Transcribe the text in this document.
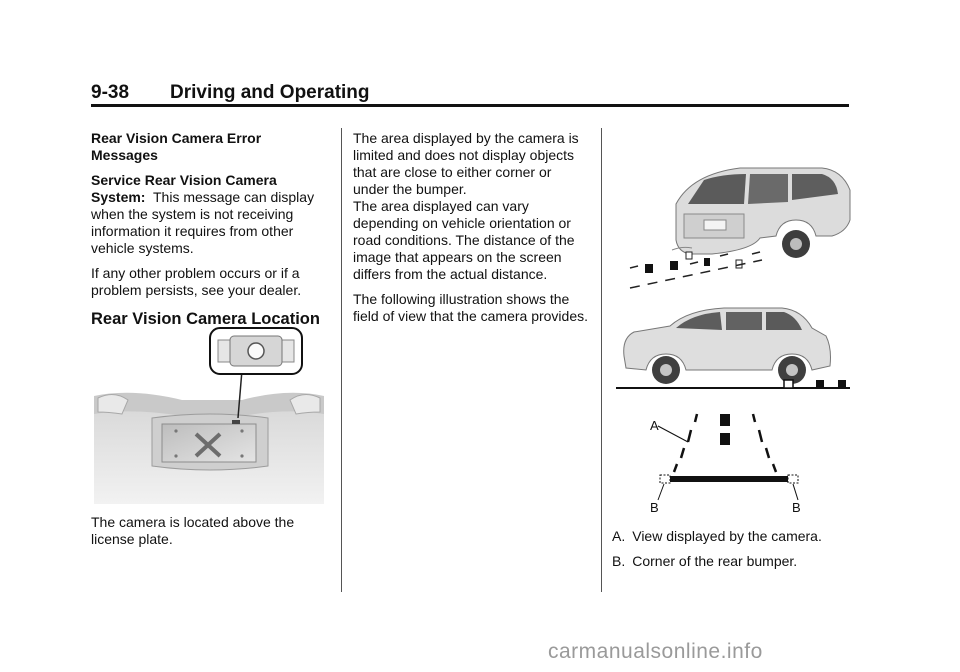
9-38 Driving and Operating

Rear Vision Camera Error Messages

Service Rear Vision Camera System: This message can display when the system is not receiving information it requires from other vehicle systems.

If any other problem occurs or if a problem persists, see your dealer.

Rear Vision Camera Location

The camera is located above the license plate.

The area displayed by the camera is limited and does not display objects that are close to either corner or under the bumper.

The area displayed can vary depending on vehicle orientation or road conditions. The distance of the image that appears on the screen differs from the actual distance.

The following illustration shows the field of view that the camera provides.

A
B	B

A. View displayed by the camera.

B. Corner of the rear bumper.

carmanualsonline.info
